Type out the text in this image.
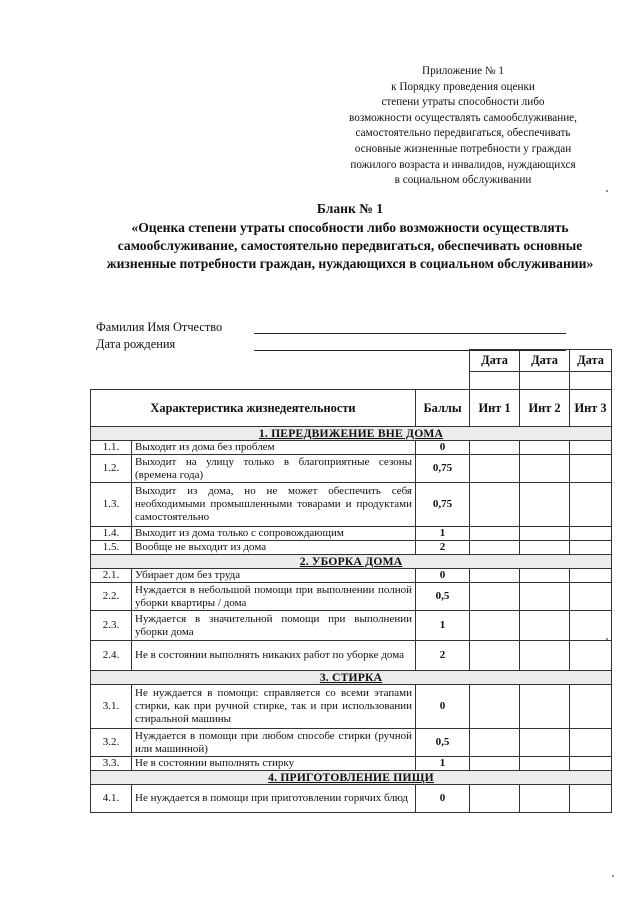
Приложение № 1
к Порядку проведения оценки
степени утраты способности либо
возможности осуществлять самообслуживание,
самостоятельно передвигаться, обеспечивать
основные жизненные потребности у граждан
пожилого возраста и инвалидов, нуждающихся
в социальном обслуживании
Бланк № 1
«Оценка степени утраты способности либо возможности осуществлять самообслуживание, самостоятельно передвигаться, обеспечивать основные жизненные потребности граждан, нуждающихся в социальном обслуживании»
Фамилия Имя Отчество
Дата рождения
			Дата	Дата	Дата

Характеристика жизнедеятельности		Баллы	Инт 1	Инт 2	Инт 3
1. ПЕРЕДВИЖЕНИЕ ВНЕ ДОМА					
1.1.	Выходит из дома без проблем	0			
1.2.	Выходит на улицу только в благоприятные сезоны (времена года)	0,75			
1.3.	Выходит из дома, но не может обеспечить себя необходимыми промышленными товарами и продуктами самостоятельно	0,75			
1.4.	Выходит из дома только с сопровождающим	1			
1.5.	Вообще не выходит из дома	2			
2. УБОРКА ДОМА					
2.1.	Убирает дом без труда	0			
2.2.	Нуждается в небольшой помощи при выполнении полной уборки квартиры / дома	0,5			
2.3.	Нуждается в значительной помощи при выполнении уборки дома	1			
2.4.	Не в состоянии выполнять никаких работ по уборке дома	2			
3. СТИРКА					
3.1.	Не нуждается в помощи: справляется со всеми этапами стирки, как при ручной стирке, так и при использовании стиральной машины	0			
3.2.	Нуждается в помощи при любом способе стирки (ручной или машинной)	0,5			
3.3.	Не в состоянии выполнять стирку	1			
4. ПРИГОТОВЛЕНИЕ ПИЩИ					
4.1.	Не нуждается в помощи при приготовлении горячих блюд	0			
